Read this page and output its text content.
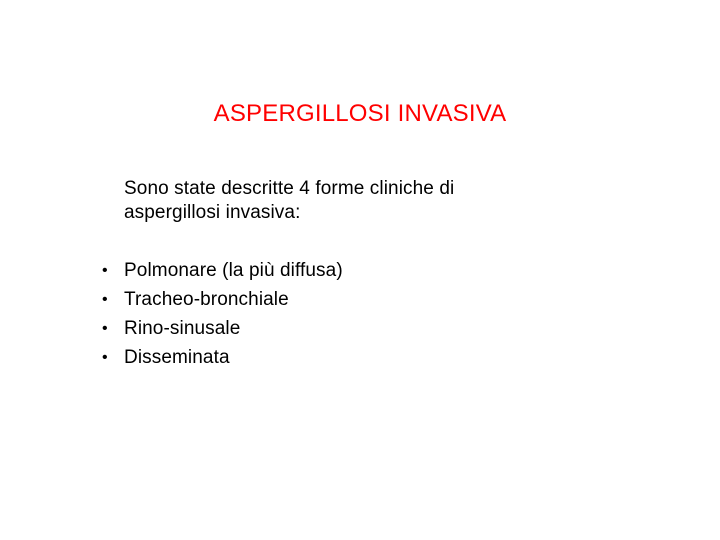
ASPERGILLOSI INVASIVA
Sono state descritte 4 forme cliniche di
aspergillosi invasiva:
• Polmonare (la più diffusa)
• Tracheo-bronchiale
• Rino-sinusale
• Disseminata
